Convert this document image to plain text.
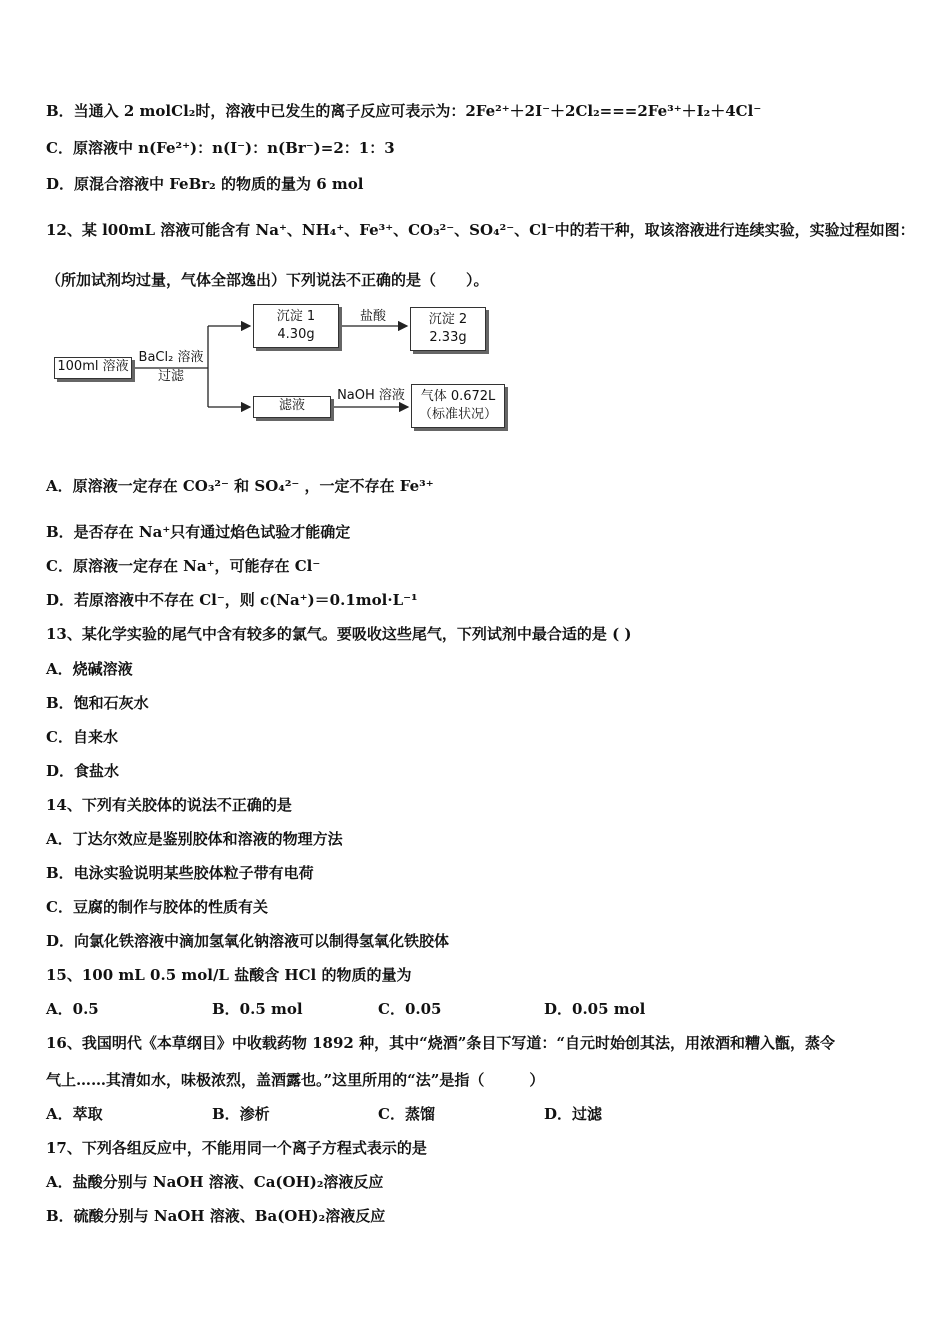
B．当通入 2 molCl₂时，溶液中已发生的离子反应可表示为：2Fe²⁺＋2I⁻＋2Cl₂===2Fe³⁺＋I₂＋4Cl⁻
C．原溶液中 n(Fe²⁺)：n(I⁻)：n(Br⁻)=2：1：3
D．原混合溶液中 FeBr₂ 的物质的量为 6 mol
12、某 l00mL 溶液可能含有 Na⁺、NH₄⁺、Fe³⁺、CO₃²⁻、SO₄²⁻、Cl⁻中的若干种，取该溶液进行连续实验，实验过程如图：
（所加试剂均过量，气体全部逸出）下列说法不正确的是（　　）。
100ml 溶液
BaCl₂ 溶液
过滤
沉淀 1
4.30g
盐酸	沉淀 2
2.33g
滤液
NaOH 溶液	气体 0.672L
（标准状况）
A．原溶液一定存在 CO₃²⁻ 和 SO₄²⁻ ，一定不存在 Fe³⁺
B．是否存在 Na⁺只有通过焰色试验才能确定
C．原溶液一定存在 Na⁺，可能存在 Cl⁻
D．若原溶液中不存在 Cl⁻，则 c(Na⁺)＝0.1mol·L⁻¹
13、某化学实验的尾气中含有较多的氯气。要吸收这些尾气，下列试剂中最合适的是 ( )
A．烧碱溶液
B．饱和石灰水
C．自来水
D．食盐水
14、下列有关胶体的说法不正确的是
A．丁达尔效应是鉴别胶体和溶液的物理方法
B．电泳实验说明某些胶体粒子带有电荷
C．豆腐的制作与胶体的性质有关
D．向氯化铁溶液中滴加氢氧化钠溶液可以制得氢氧化铁胶体
15、100 mL 0.5 mol/L 盐酸含 HCl 的物质的量为
A．0.5	B．0.5 mol	C．0.05	D．0.05 mol
16、我国明代《本草纲目》中收载药物 1892 种，其中“烧酒”条目下写道：“自元时始创其法，用浓酒和糟入甑，蒸令
气上……其清如水，味极浓烈，盖酒露也。”这里所用的“法”是指（　　　）
A．萃取	B．渗析	C．蒸馏	D．过滤
17、下列各组反应中，不能用同一个离子方程式表示的是
A．盐酸分别与 NaOH 溶液、Ca(OH)₂溶液反应
B．硫酸分别与 NaOH 溶液、Ba(OH)₂溶液反应
